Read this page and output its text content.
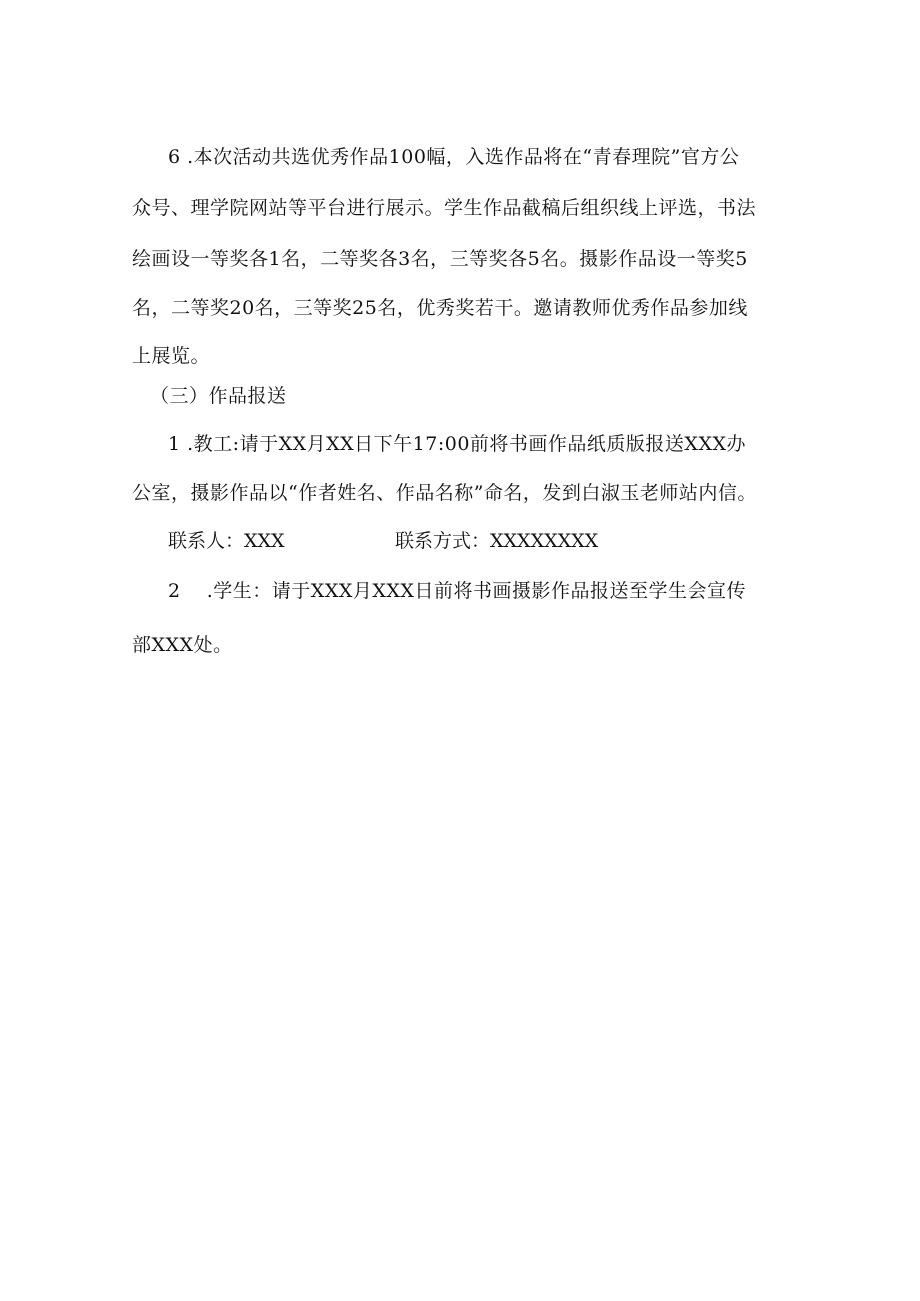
6 .本次活动共选优秀作品100幅，入选作品将在“青春理院”官方公
众号、理学院网站等平台进行展示。学生作品截稿后组织线上评选，书法
绘画设一等奖各1名，二等奖各3名，三等奖各5名。摄影作品设一等奖5
名，二等奖20名，三等奖25名，优秀奖若干。邀请教师优秀作品参加线
上展览。
（三）作品报送
1 .教工:请于XX月XX日下午17:00前将书画作品纸质版报送XXX办
公室，摄影作品以“作者姓名、作品名称”命名，发到白淑玉老师站内信。
联系人：XXX	联系方式：XXXXXXXX
2    .学生：请于XXX月XXX日前将书画摄影作品报送至学生会宣传
部XXX处。
